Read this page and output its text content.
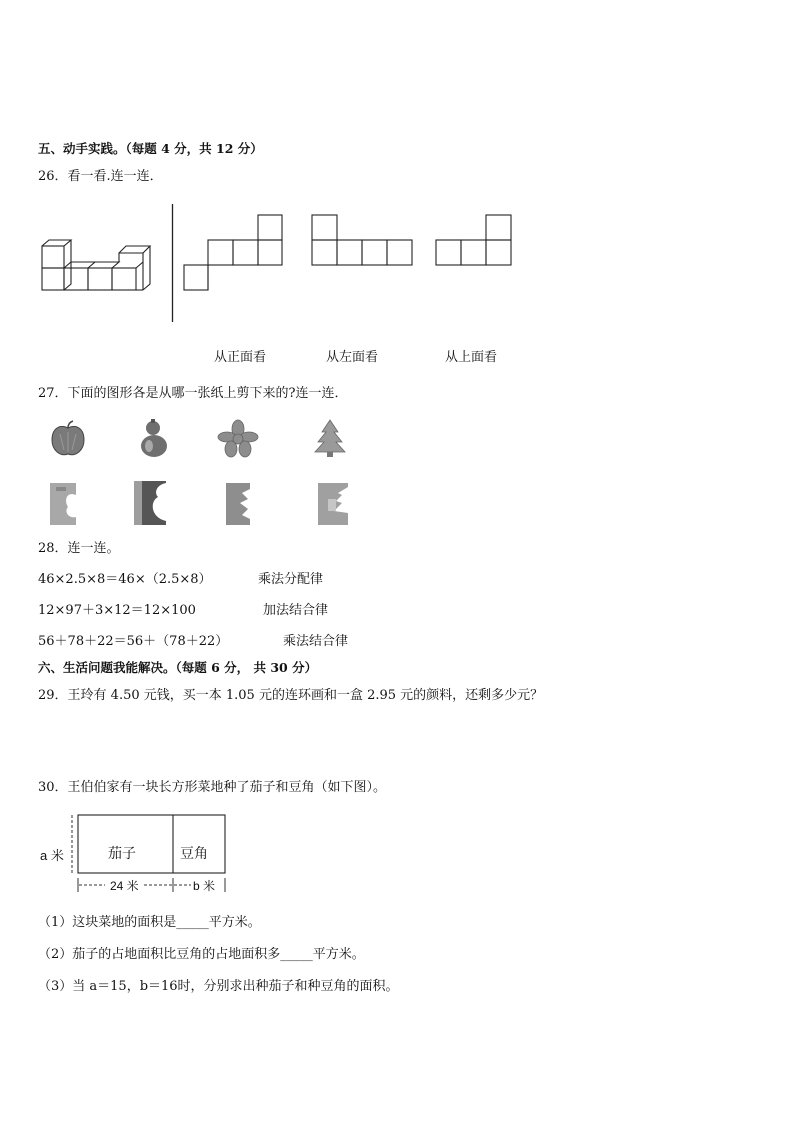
五、动手实践。（每题 4 分，共 12 分）
26．看一看.连一连．
从正面看	从左面看	从上面看
27．下面的图形各是从哪一张纸上剪下来的?连一连．
28．连一连。
46×2.5×8＝46×（2.5×8）	乘法分配律
12×97＋3×12＝12×100	加法结合律
56＋78＋22＝56＋（78＋22）	乘法结合律
六、生活问题我能解决。（每题 6 分， 共 30 分）
29．王玲有 4.50 元钱，买一本 1.05 元的连环画和一盒 2.95 元的颜料，还剩多少元？
30．王伯伯家有一块长方形菜地种了茄子和豆角（如下图）。
a 米	茄子	豆角
24 米	b 米
（1）这块菜地的面积是_____平方米。
（2）茄子的占地面积比豆角的占地面积多_____平方米。
（3）当 a＝15，b＝16时，分别求出种茄子和种豆角的面积。
